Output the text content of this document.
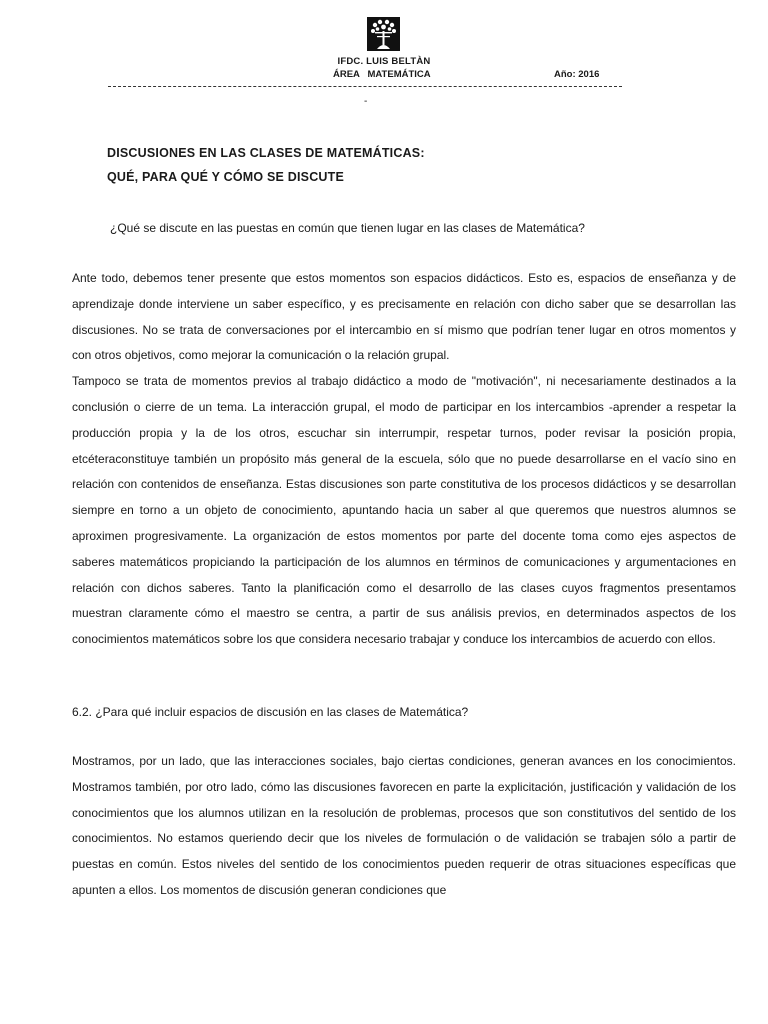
IFDC. LUIS BELTÀN
ÁREA   MATEMÁTICA	Año: 2016
-
DISCUSIONES EN LAS CLASES DE MATEMÁTICAS:
QUÉ, PARA QUÉ Y CÓMO SE DISCUTE
¿Qué se discute en las puestas en común que tienen lugar en las clases de Matemática?

Ante todo, debemos tener presente que estos momentos son espacios didácticos. Esto es, espacios de enseñanza y de aprendizaje donde interviene un saber específico, y es precisamente en relación con dicho saber que se desarrollan las discusiones. No se trata de conversaciones por el intercambio en sí mismo que podrían tener lugar en otros momentos y con otros objetivos, como mejorar la comunicación o la relación grupal.

Tampoco se trata de momentos previos al trabajo didáctico a modo de "motivación", ni necesariamente destinados a la conclusión o cierre de un tema. La interacción grupal, el modo de participar en los intercambios -aprender a respetar la producción propia y la de los otros, escuchar sin interrumpir, respetar turnos, poder revisar la posición propia, etcéteraconstituye también un propósito más general de la escuela, sólo que no puede desarrollarse en el vacío sino en relación con contenidos de enseñanza. Estas discusiones son parte constitutiva de los procesos didácticos y se desarrollan siempre en torno a un objeto de conocimiento, apuntando hacia un saber al que queremos que nuestros alumnos se aproximen progresivamente. La organización de estos momentos por parte del docente toma como ejes aspectos de saberes matemáticos propiciando la participación de los alumnos en términos de comunicaciones y argumentaciones en relación con dichos saberes. Tanto la planificación como el desarrollo de las clases cuyos fragmentos presentamos muestran claramente cómo el maestro se centra, a partir de sus análisis previos, en determinados aspectos de los conocimientos matemáticos sobre los que considera necesario trabajar y conduce los intercambios de acuerdo con ellos.

6.2. ¿Para qué incluir espacios de discusión en las clases de Matemática?

Mostramos, por un lado, que las interacciones sociales, bajo ciertas condiciones, generan avances en los conocimientos. Mostramos también, por otro lado, cómo las discusiones favorecen en parte la explicitación, justificación y validación de los conocimientos que los alumnos utilizan en la resolución de problemas, procesos que son constitutivos del sentido de los conocimientos. No estamos queriendo decir que los niveles de formulación o de validación se trabajen sólo a partir de puestas en común. Estos niveles del sentido de los conocimientos pueden requerir de otras situaciones específicas que apunten a ellos. Los momentos de discusión generan condiciones que
